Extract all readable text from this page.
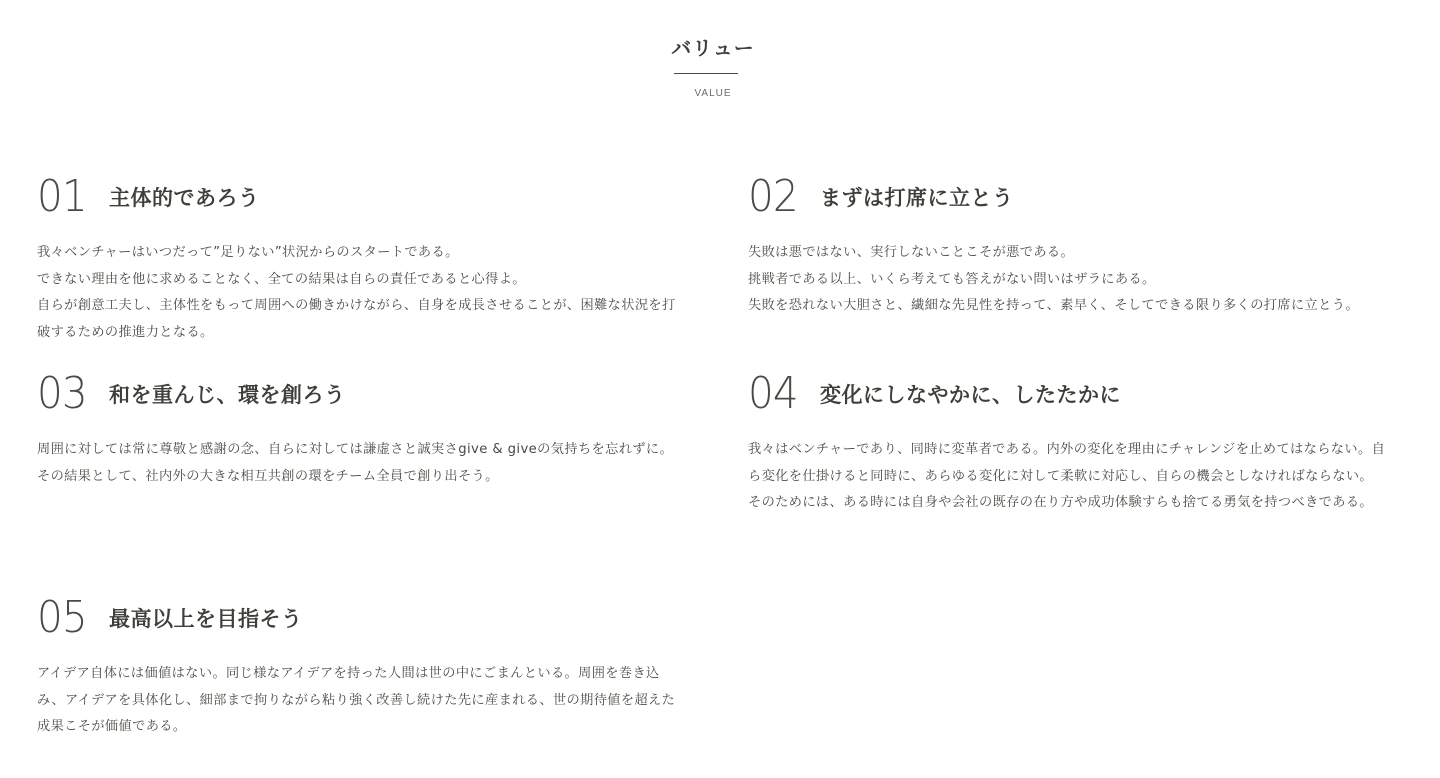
バリュー
VALUE
01	主体的であろう

我々ベンチャーはいつだって”足りない”状況からのスタートである。

できない理由を他に求めることなく、全ての結果は自らの責任であると心得よ。

自らが創意工夫し、主体性をもって周囲への働きかけながら、自身を成長させることが、困難な状況を打破するための推進力となる。

02	まずは打席に立とう

失敗は悪ではない、実行しないことこそが悪である。

挑戦者である以上、いくら考えても答えがない問いはザラにある。

失敗を恐れない大胆さと、繊細な先見性を持って、素早く、そしてできる限り多くの打席に立とう。

03	和を重んじ、環を創ろう

周囲に対しては常に尊敬と感謝の念、自らに対しては謙虚さと誠実さgive & giveの気持ちを忘れずに。

その結果として、社内外の大きな相互共創の環をチーム全員で創り出そう。

04	変化にしなやかに、したたかに

我々はベンチャーであり、同時に変革者である。内外の変化を理由にチャレンジを止めてはならない。自ら変化を仕掛けると同時に、あらゆる変化に対して柔軟に対応し、自らの機会としなければならない。

そのためには、ある時には自身や会社の既存の在り方や成功体験すらも捨てる勇気を持つべきである。

05	最高以上を目指そう

アイデア自体には価値はない。同じ様なアイデアを持った人間は世の中にごまんといる。周囲を巻き込み、アイデアを具体化し、細部まで拘りながら粘り強く改善し続けた先に産まれる、世の期待値を超えた成果こそが価値である。
